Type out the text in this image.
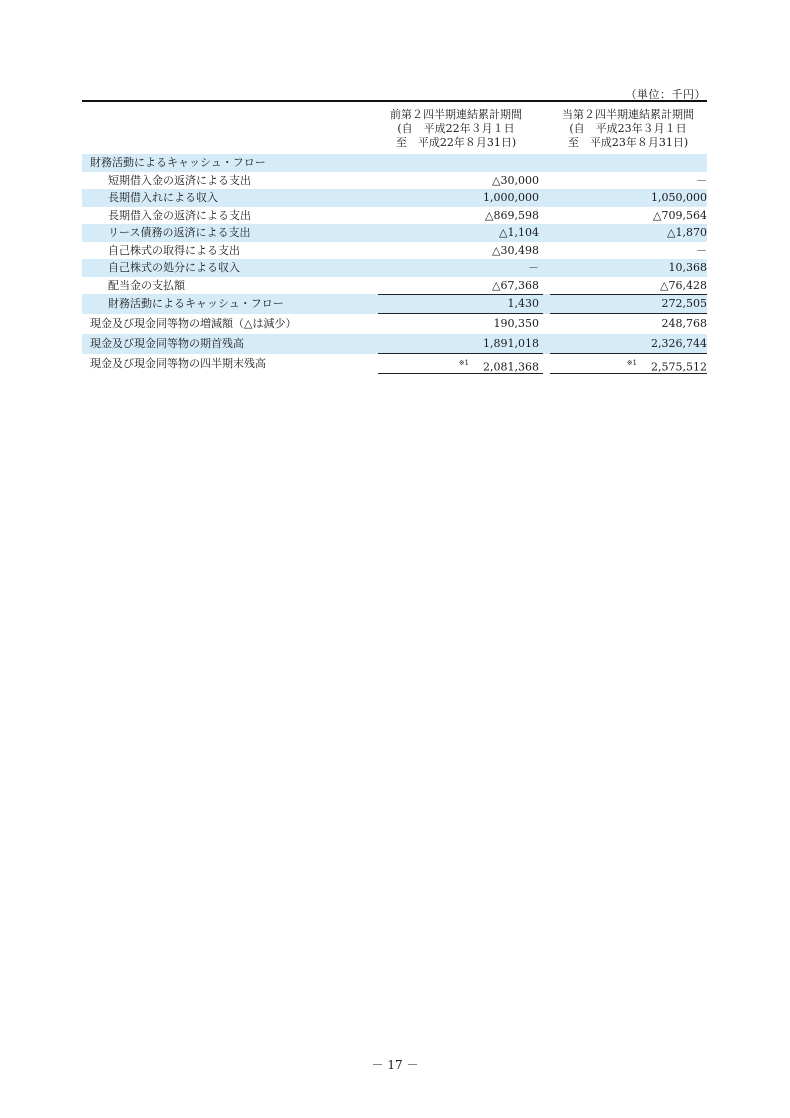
（単位：千円）
前第２四半期連結累計期間
(自　平成22年３月１日
至　平成22年８月31日)
当第２四半期連結累計期間
(自　平成23年３月１日
至　平成23年８月31日)
財務活動によるキャッシュ・フロー
短期借入金の返済による支出	△30,000	－
長期借入れによる収入	1,000,000	1,050,000
長期借入金の返済による支出	△869,598	△709,564
リース債務の返済による支出	△1,104	△1,870
自己株式の取得による支出	△30,498	－
自己株式の処分による収入	－	10,368
配当金の支払額	△67,368	△76,428
財務活動によるキャッシュ・フロー	1,430	272,505
現金及び現金同等物の増減額（△は減少）	190,350	248,768
現金及び現金同等物の期首残高	1,891,018	2,326,744
現金及び現金同等物の四半期末残高	$^{※1}$ 2,081,368	$^{※1}$ 2,575,512
－ 17 －
